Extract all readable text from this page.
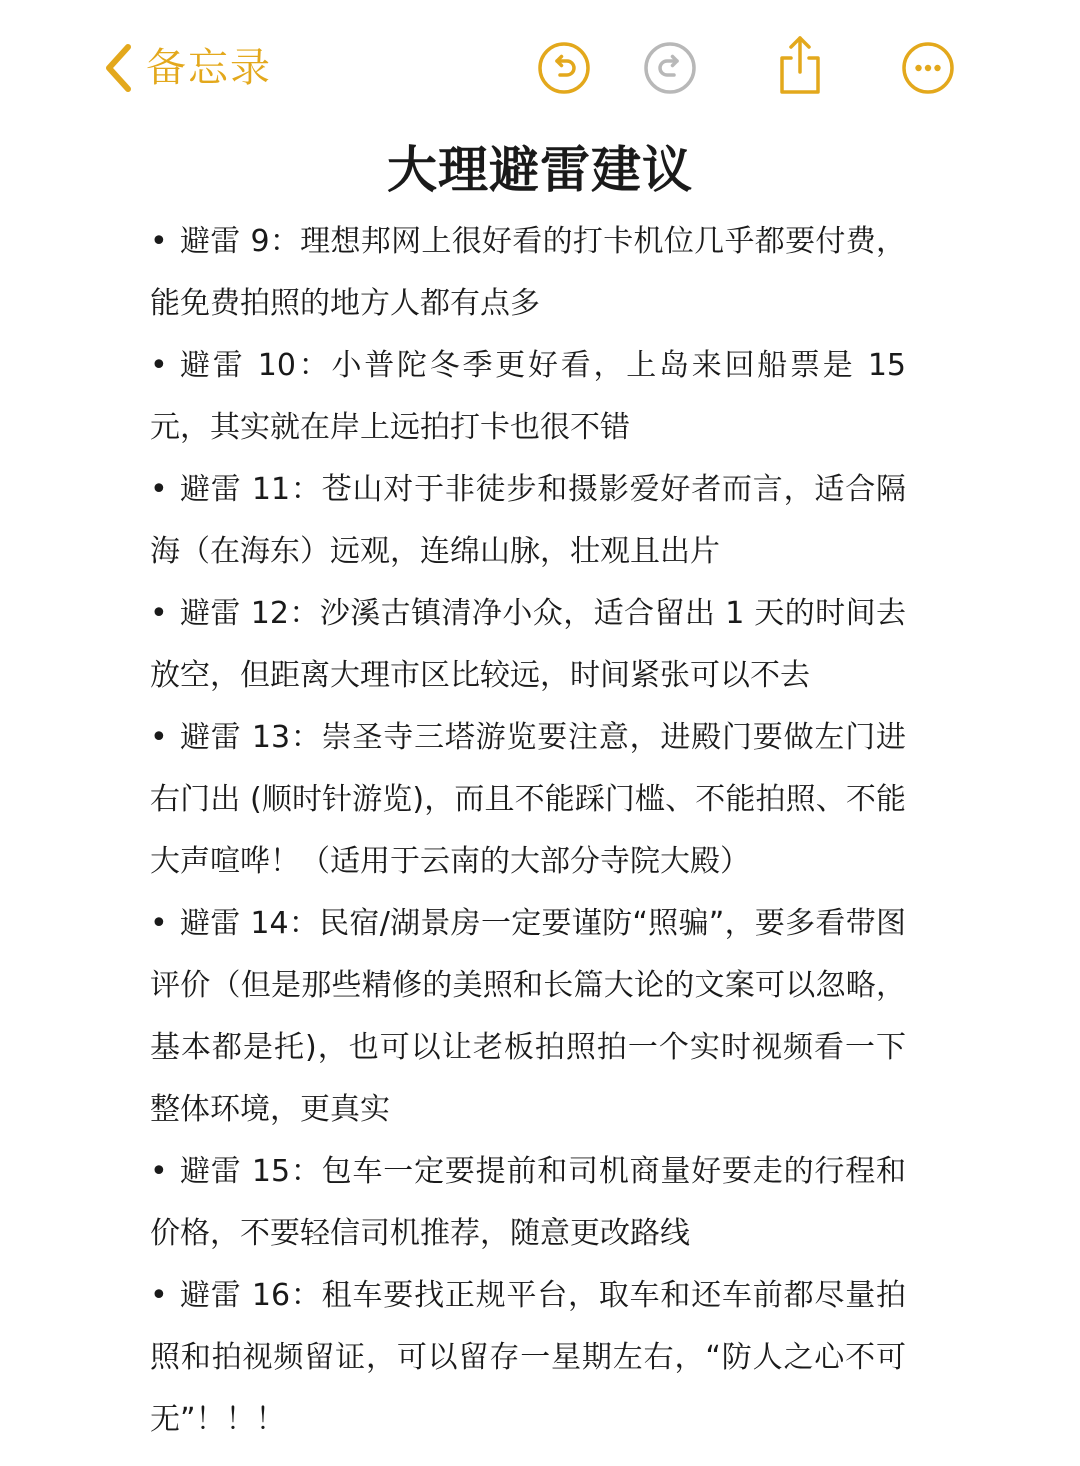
备忘录
大理避雷建议
• 避雷 9：理想邦网上很好看的打卡机位几乎都要付费，能免费拍照的地方人都有点多
• 避雷 10：小普陀冬季更好看，上岛来回船票是 15 元，其实就在岸上远拍打卡也很不错
• 避雷 11：苍山对于非徒步和摄影爱好者而言，适合隔海（在海东）远观，连绵山脉，壮观且出片
• 避雷 12：沙溪古镇清净小众，适合留出 1 天的时间去放空，但距离大理市区比较远，时间紧张可以不去
• 避雷 13：崇圣寺三塔游览要注意，进殿门要做左门进右门出 (顺时针游览)，而且不能踩门槛、不能拍照、不能大声喧哗！（适用于云南的大部分寺院大殿）
• 避雷 14：民宿/湖景房一定要谨防“照骗”，要多看带图评价（但是那些精修的美照和长篇大论的文案可以忽略，基本都是托)，也可以让老板拍照拍一个实时视频看一下整体环境，更真实
• 避雷 15：包车一定要提前和司机商量好要走的行程和价格，不要轻信司机推荐，随意更改路线
• 避雷 16：租车要找正规平台，取车和还车前都尽量拍照和拍视频留证，可以留存一星期左右，“防人之心不可无”！！！
